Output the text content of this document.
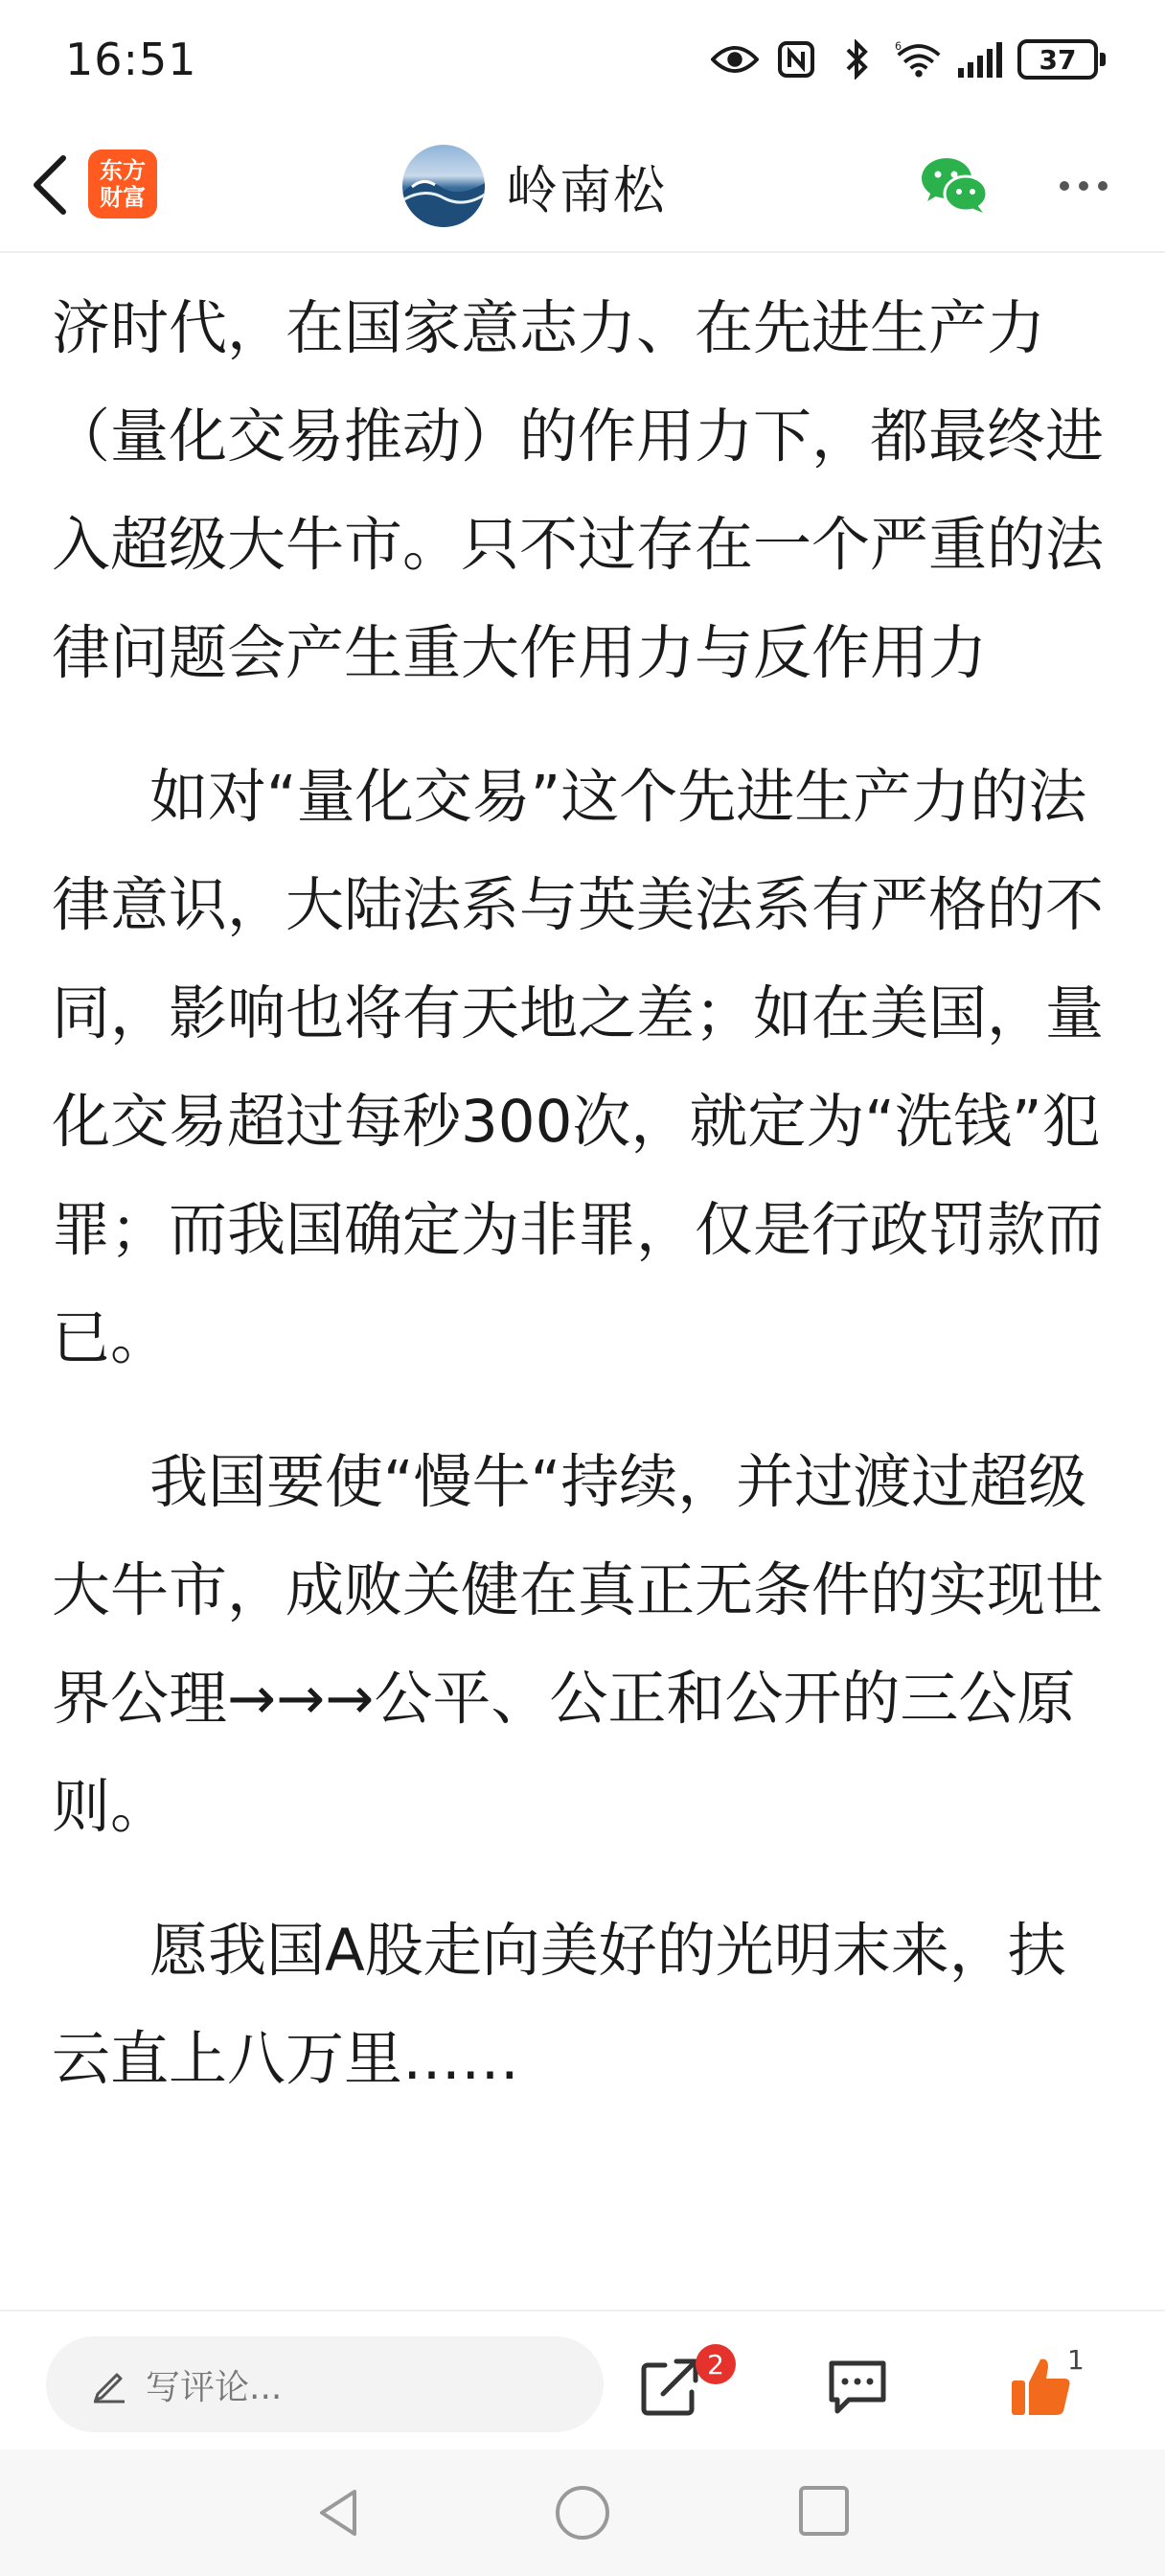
16:51	6	37
东方
财富	岭南松

济时代，在国家意志力、在先进生产力（量化交易推动）的作用力下，都最终进入超级大牛市。只不过存在一个严重的法律问题会产生重大作用力与反作用力

如对“量化交易”这个先进生产力的法律意识，大陆法系与英美法系有严格的不同，影响也将有天地之差；如在美国，量化交易超过每秒300次，就定为“洗钱”犯罪；而我国确定为非罪，仅是行政罚款而已。

我国要使“慢牛“持续，并过渡过超级大牛市，成败关健在真正无条件的实现世界公理→→→公平、公正和公开的三公原则。

愿我国A股走向美好的光明末来，扶云直上八万里……

写评论...
2	1
